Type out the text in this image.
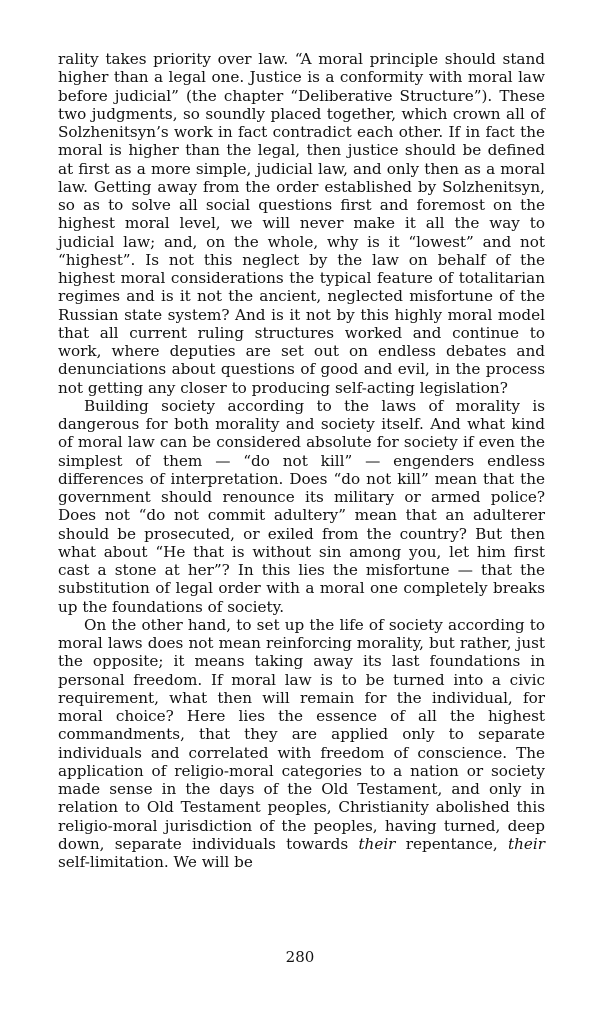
rality takes priority over law. “A moral principle should stand higher than a legal one. Justice is a conformity with moral law before judicial” (the chapter “Deliberative Structure”). These two judgments, so soundly placed together, which crown all of Solzhenitsyn’s work in fact contradict each other. If in fact the moral is higher than the legal, then justice should be defined at first as a more simple, judicial law, and only then as a moral law. Getting away from the order established by Solzhenitsyn, so as to solve all social questions first and foremost on the highest moral level, we will never make it all the way to judicial law; and, on the whole, why is it “lowest” and not “highest”. Is not this neglect by the law on behalf of the highest moral considerations the typical feature of totalitarian regimes and is it not the ancient, neglected misfortune of the Russian state system? And is it not by this highly moral model that all current ruling structures worked and continue to work, where deputies are set out on endless debates and denunciations about questions of good and evil, in the process not getting any closer to producing self-acting legislation?

Building society according to the laws of morality is dangerous for both morality and society itself. And what kind of moral law can be considered absolute for society if even the simplest of them — “do not kill” — engenders endless differences of interpretation. Does “do not kill” mean that the government should renounce its military or armed police? Does not “do not commit adultery” mean that an adulterer should be prosecuted, or exiled from the country? But then what about “He that is without sin among you, let him first cast a stone at her”? In this lies the misfortune — that the substitution of legal order with a moral one completely breaks up the foundations of society.

On the other hand, to set up the life of society according to moral laws does not mean reinforcing morality, but rather, just the opposite; it means taking away its last foundations in personal freedom. If moral law is to be turned into a civic requirement, what then will remain for the individual, for moral choice? Here lies the essence of all the highest commandments, that they are applied only to separate individuals and correlated with freedom of conscience. The application of religio-moral categories to a nation or society made sense in the days of the Old Testament, and only in relation to Old Testament peoples, Christianity abolished this religio-moral jurisdiction of the peoples, having turned, deep down, separate individuals towards their repentance, their self-limitation. We will be

280
